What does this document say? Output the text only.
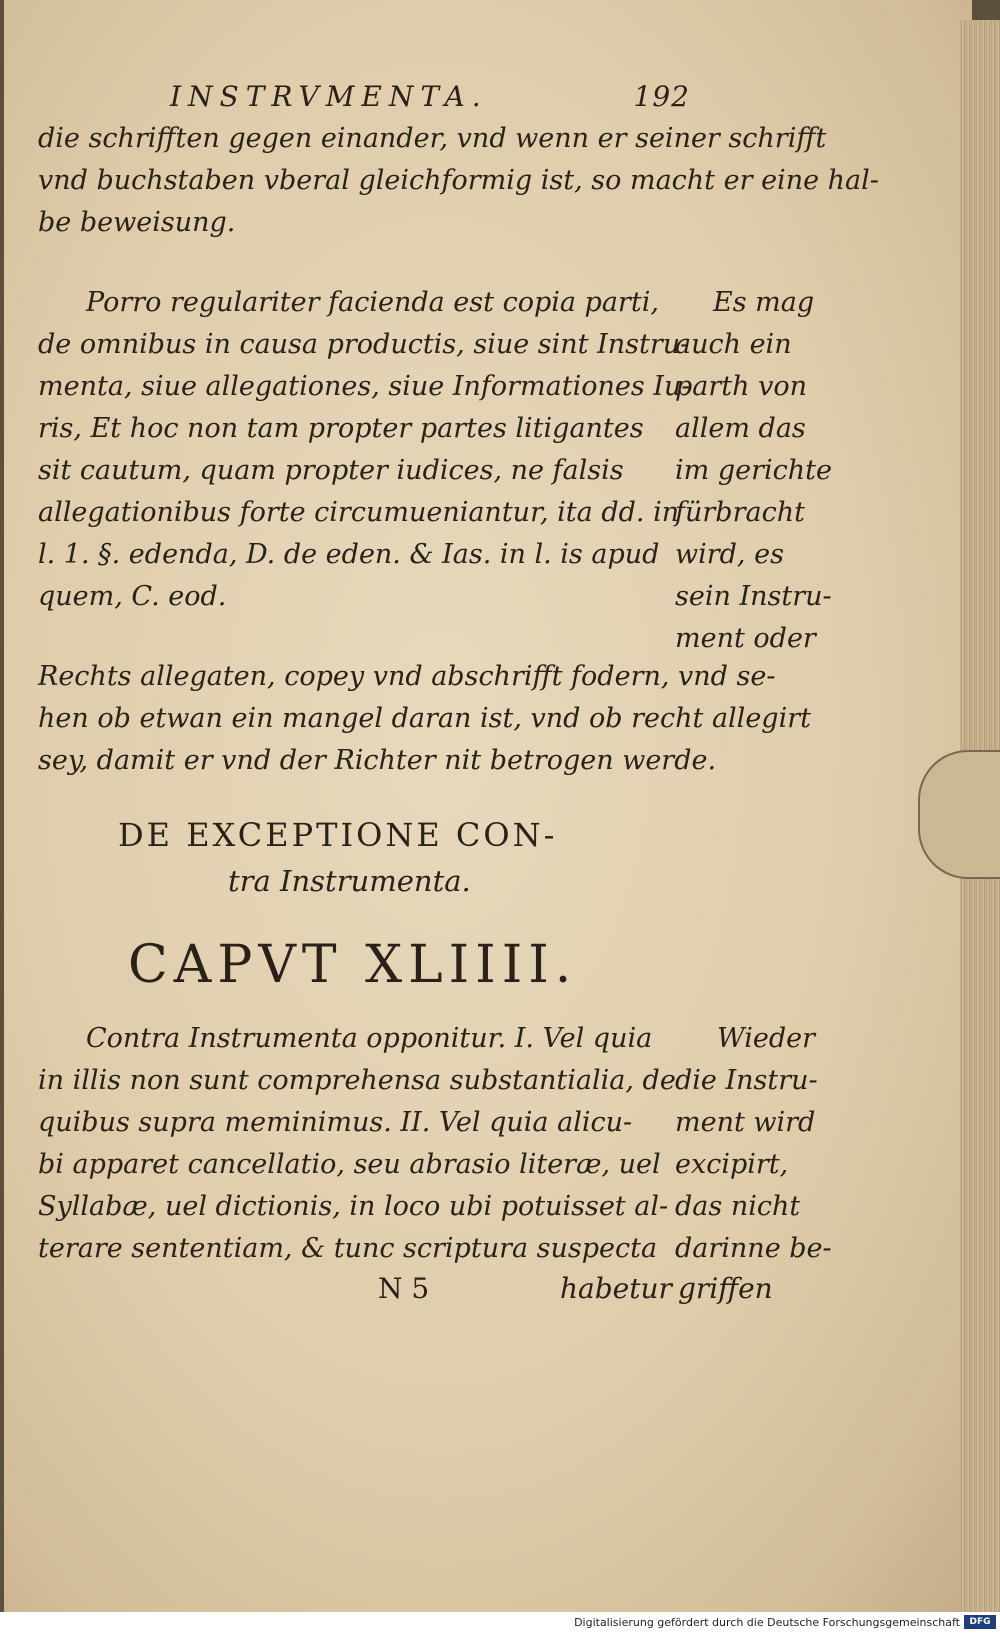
INSTRVMENTA.	192
die schrifften gegen einander, vnd wenn er seiner schrifft
vnd buchstaben vberal gleichformig ist, so macht er eine hal-
be beweisung.
Porro regulariter facienda est copia parti,
de omnibus in causa productis, siue sint Instru-
menta, siue allegationes, siue Informationes Iu-
ris, Et hoc non tam propter partes litigantes
sit cautum, quam propter iudices, ne falsis
allegationibus forte circumueniantur, ita dd. in
l. 1. §. edenda, D. de eden. & Ias. in l. is apud
quem, C. eod.
Es mag
auch ein
parth von
allem das
im gerichte
fürbracht
wird, es
sein Instru-
ment oder
Rechts allegaten, copey vnd abschrifft fodern, vnd se-
hen ob etwan ein mangel daran ist, vnd ob recht allegirt
sey, damit er vnd der Richter nit betrogen werde.
DE EXCEPTIONE CON-
tra Instrumenta.
CAPVT XLIIII.
Contra Instrumenta opponitur. I. Vel quia
in illis non sunt comprehensa substantialia, de
quibus supra meminimus. II. Vel quia alicu-
bi apparet cancellatio, seu abrasio literæ, uel
Syllabæ, uel dictionis, in loco ubi potuisset al-
terare sententiam, & tunc scriptura suspecta
Wieder
die Instru-
ment wird
excipirt,
das nicht
darinne be-
N 5	habetur griffen
Digitalisierung gefördert durch die Deutsche Forschungsgemeinschaft	DFG
